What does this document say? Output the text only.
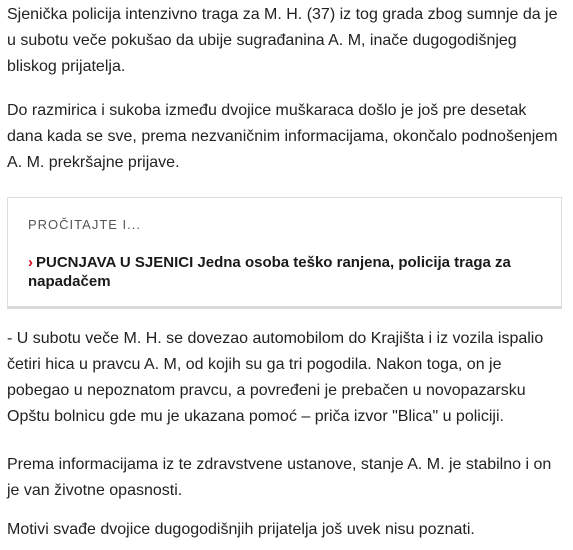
Sjenička policija intenzivno traga za M. H. (37) iz tog grada zbog sumnje da je u subotu veče pokušao da ubije sugrađanina A. M, inače dugogodišnjeg bliskog prijatelja.

Do razmirica i sukoba između dvojice muškaraca došlo je još pre desetak dana kada se sve, prema nezvaničnim informacijama, okončalo podnošenjem A. M. prekršajne prijave.

PROČITAJTE I...
› PUCNJAVA U SJENICI Jedna osoba teško ranjena, policija traga za napadačem

- U subotu veče M. H. se dovezao automobilom do Krajišta i iz vozila ispalio četiri hica u pravcu A. M, od kojih su ga tri pogodila. Nakon toga, on je pobegao u nepoznatom pravcu, a povređeni je prebačen u novopazarsku Opštu bolnicu gde mu je ukazana pomoć – priča izvor "Blica" u policiji.

Prema informacijama iz te zdravstvene ustanove, stanje A. M. je stabilno i on je van životne opasnosti.

Motivi svađe dvojice dugogodišnjih prijatelja još uvek nisu poznati.
